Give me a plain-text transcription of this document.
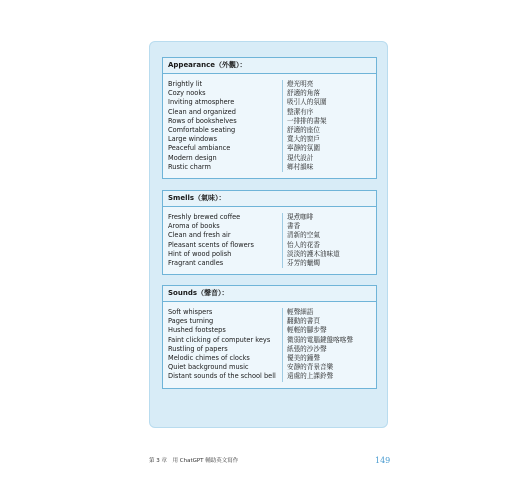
Appearance（外觀）：
Brightly lit
Cozy nooks
Inviting atmosphere
Clean and organized
Rows of bookshelves
Comfortable seating
Large windows
Peaceful ambiance
Modern design
Rustic charm
燈光明亮
舒適的角落
吸引人的氛圍
整潔有序
一排排的書架
舒適的座位
寬大的窗戶
寧靜的氛圍
現代設計
鄉村韻味
Smells（氣味）：
Freshly brewed coffee
Aroma of books
Clean and fresh air
Pleasant scents of flowers
Hint of wood polish
Fragrant candles
現煮咖啡
書香
清新的空氣
怡人的花香
淡淡的護木油味道
芬芳的蠟燭
Sounds（聲音）：
Soft whispers
Pages turning
Hushed footsteps
Faint clicking of computer keys
Rustling of papers
Melodic chimes of clocks
Quiet background music
Distant sounds of the school bell
輕聲細語
翻動的書頁
輕輕的腳步聲
微弱的電腦鍵盤喀喀聲
紙張的沙沙聲
優美的鐘聲
安靜的背景音樂
遠處的上課鈴聲
第 3 章　用 ChatGPT 輔助英文寫作	149
